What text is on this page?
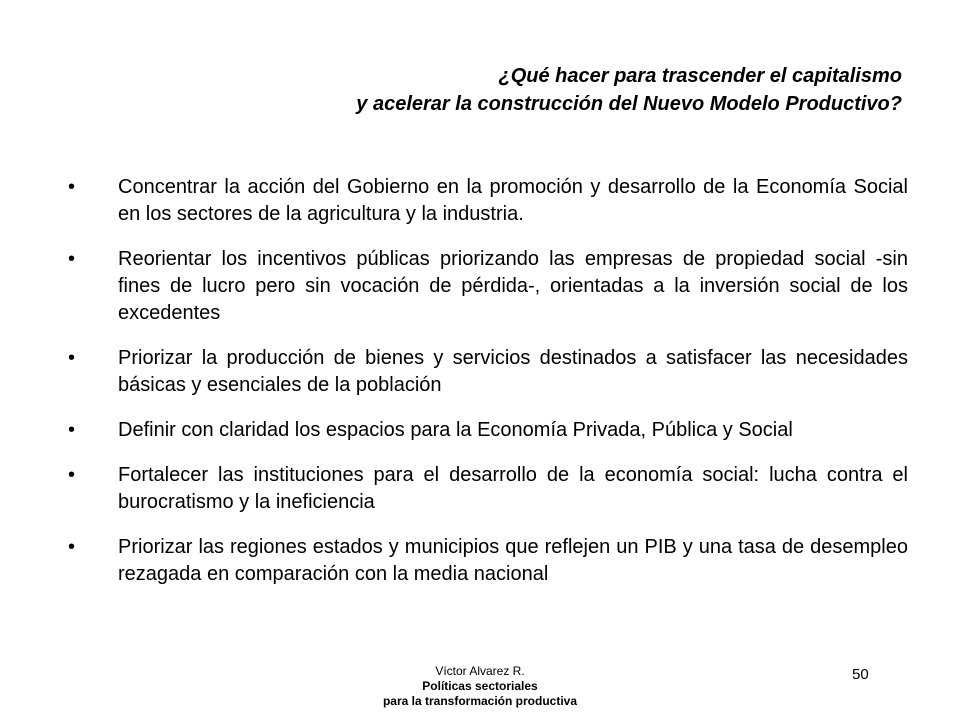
¿Qué hacer para trascender el capitalismo
y acelerar la construcción del Nuevo Modelo Productivo?
• Concentrar la acción del Gobierno en la promoción y desarrollo de la Economía Social en los sectores de la agricultura y la industria.
• Reorientar los incentivos públicas priorizando las empresas de propiedad social -sin fines de lucro pero sin vocación de pérdida-, orientadas a la inversión social de los excedentes
• Priorizar la producción de bienes y servicios destinados a satisfacer las necesidades básicas y esenciales de la población
• Definir con claridad los espacios para la Economía Privada, Pública y Social
• Fortalecer las instituciones para el desarrollo de la economía social: lucha contra el burocratismo y la ineficiencia
• Priorizar las regiones estados y municipios que reflejen un PIB y una tasa de desempleo rezagada en comparación con la media nacional
Víctor Alvarez R.
Políticas sectoriales
para la transformación productiva
50
